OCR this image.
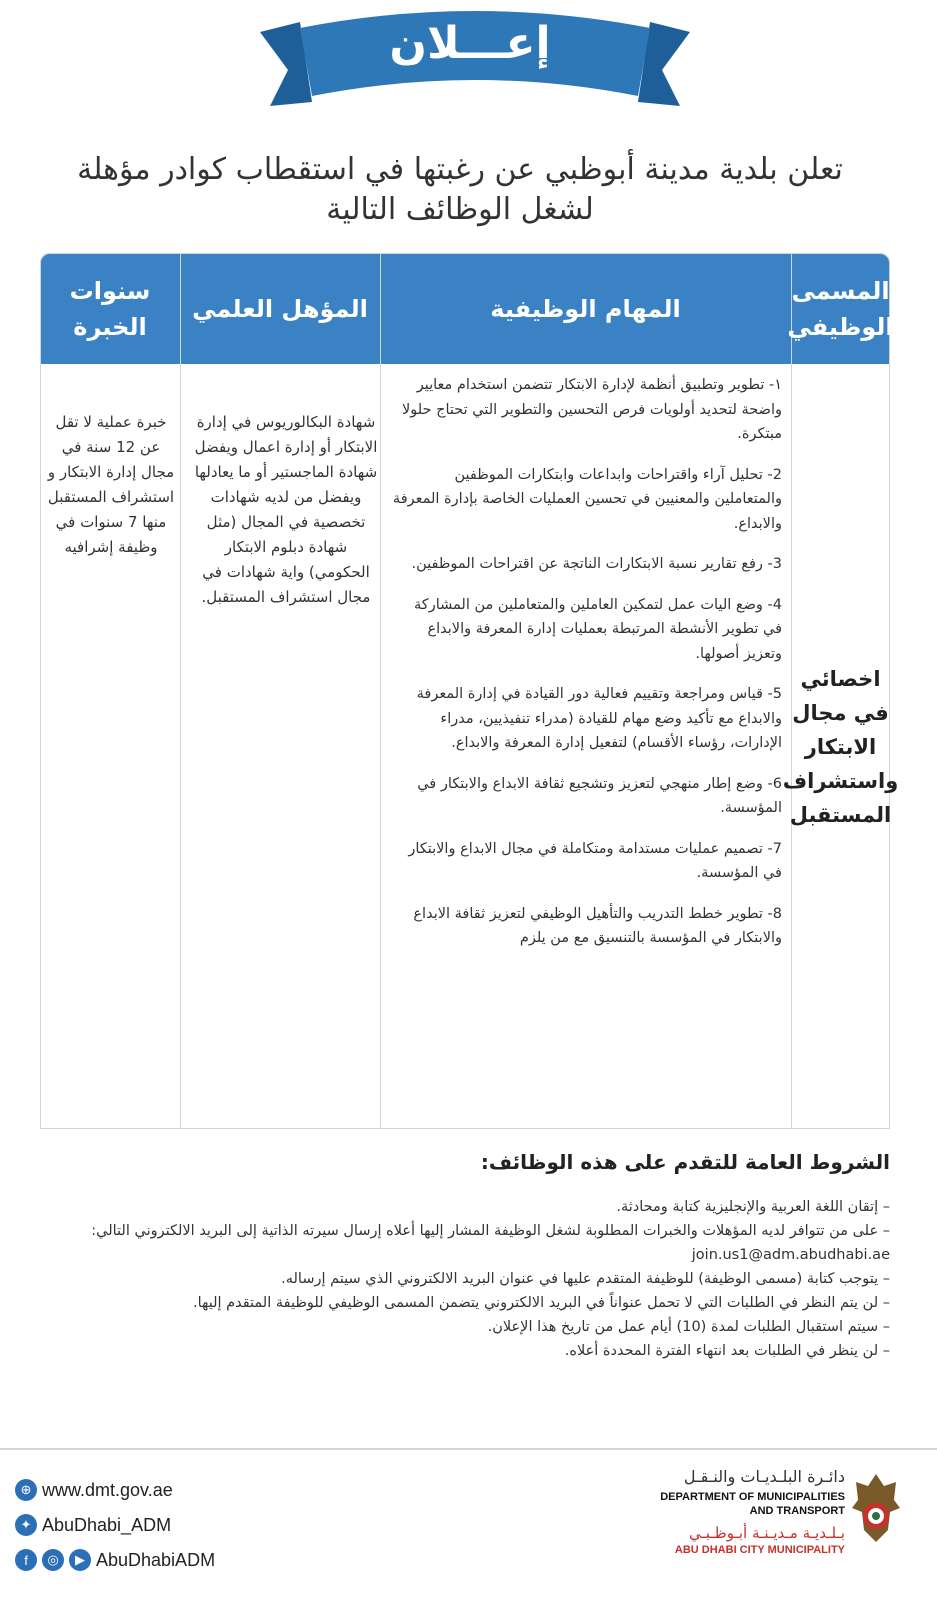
إعـــلان
تعلن بلدية مدينة أبوظبي عن رغبتها في استقطاب كوادر مؤهلة
لشغل الوظائف التالية
المسمى الوظيفي
المهام الوظيفية
المؤهل العلمي
سنوات الخبرة
اخصائي في مجال الابتكار واستشراف المستقبل
١- تطوير وتطبيق أنظمة لإدارة الابتكار تتضمن استخدام معايير واضحة لتحديد أولويات فرص التحسين والتطوير التي تحتاج حلولا مبتكرة.
2- تحليل آراء واقتراحات وابداعات وابتكارات الموظفين والمتعاملين والمعنيين في تحسين العمليات الخاصة بإدارة المعرفة والابداع.
3- رفع تقارير نسبة الابتكارات الناتجة عن اقتراحات الموظفين.
4- وضع اليات عمل لتمكين العاملين والمتعاملين من المشاركة في تطوير الأنشطة المرتبطة بعمليات إدارة المعرفة والابداع وتعزيز أصولها.
5- قياس ومراجعة وتقييم فعالية دور القيادة في إدارة المعرفة والابداع مع تأكيد وضع مهام للقيادة (مدراء تنفيذيين، مدراء الإدارات، رؤساء الأقسام) لتفعيل إدارة المعرفة والابداع.
6- وضع إطار منهجي لتعزيز وتشجيع ثقافة الابداع والابتكار في المؤسسة.
7- تصميم عمليات مستدامة ومتكاملة في مجال الابداع والابتكار في المؤسسة.
8- تطوير خطط التدريب والتأهيل الوظيفي لتعزيز ثقافة الابداع والابتكار في المؤسسة بالتنسيق مع من يلزم
شهادة البكالوريوس في إدارة الابتكار أو إدارة اعمال ويفضل شهادة الماجستير أو ما يعادلها ويفضل من لديه شهادات تخصصية في المجال (مثل شهادة دبلوم الابتكار الحكومي) واية شهادات في مجال استشراف المستقبل.
خبرة عملية لا تقل عن 12 سنة في مجال إدارة الابتكار و استشراف المستقبل منها 7 سنوات في وظيفة إشرافيه
الشروط العامة للتقدم على هذه الوظائف:
– إتقان اللغة العربية والإنجليزية كتابة ومحادثة.
– على من تتوافر لديه المؤهلات والخبرات المطلوبة لشغل الوظيفة المشار إليها أعلاه إرسال سيرته الذاتية إلى البريد الالكتروني التالي: join.us1@adm.abudhabi.ae
– يتوجب كتابة (مسمى الوظيفة) للوظيفة المتقدم عليها في عنوان البريد الالكتروني الذي سيتم إرساله.
– لن يتم النظر في الطلبات التي لا تحمل عنواناً في البريد الالكتروني يتضمن المسمى الوظيفي للوظيفة المتقدم إليها.
– سيتم استقبال الطلبات لمدة (10) أيام عمل من تاريخ هذا الإعلان.
– لن ينظر في الطلبات بعد انتهاء الفترة المحددة أعلاه.
⊕ www.dmt.gov.ae
✦ AbuDhabi_ADM
f	◎	▶ AbuDhabiADM
دائـرة البلـديـات والنـقـل
DEPARTMENT OF MUNICIPALITIES
AND TRANSPORT
بـلـديـة مـديـنـة أبـوظـبـي
ABU DHABI CITY MUNICIPALITY
